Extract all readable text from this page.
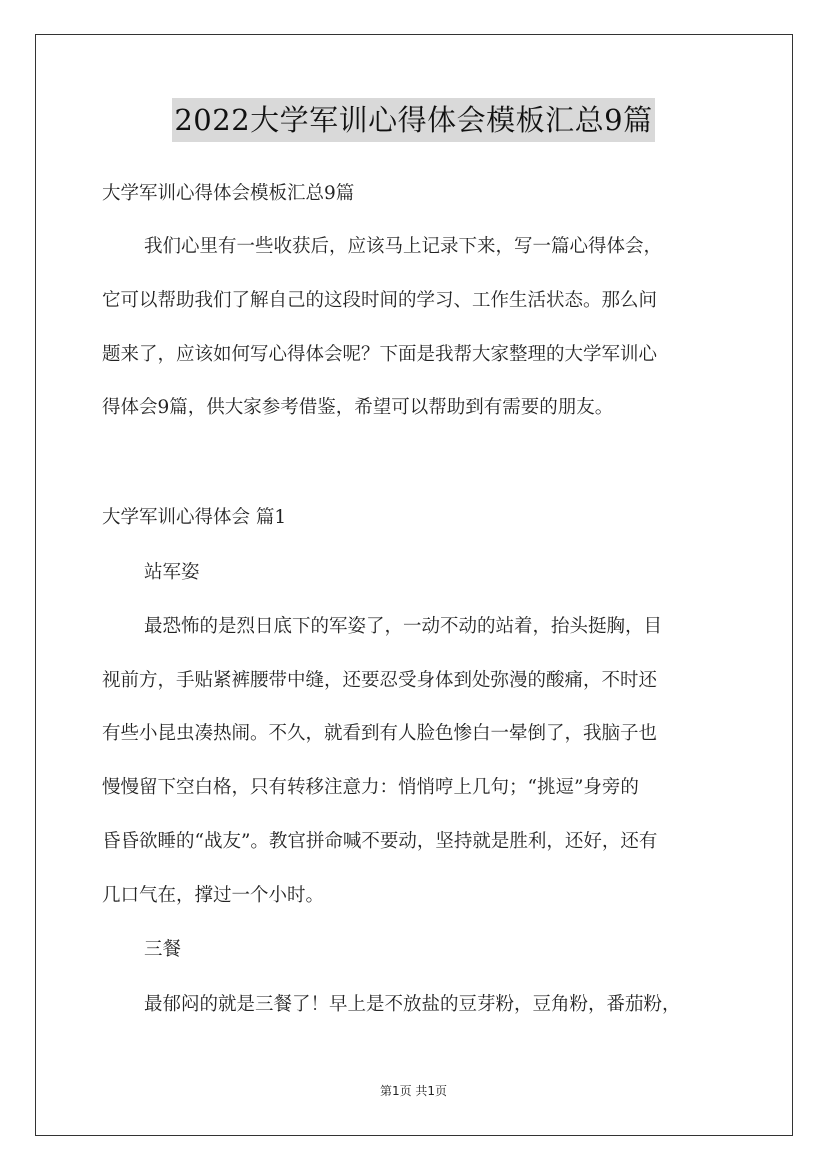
2022大学军训心得体会模板汇总9篇
大学军训心得体会模板汇总9篇
我们心里有一些收获后，应该马上记录下来，写一篇心得体会，
它可以帮助我们了解自己的这段时间的学习、工作生活状态。那么问
题来了，应该如何写心得体会呢？下面是我帮大家整理的大学军训心
得体会9篇，供大家参考借鉴，希望可以帮助到有需要的朋友。
大学军训心得体会 篇1
站军姿
最恐怖的是烈日底下的军姿了，一动不动的站着，抬头挺胸，目
视前方，手贴紧裤腰带中缝，还要忍受身体到处弥漫的酸痛，不时还
有些小昆虫凑热闹。不久，就看到有人脸色惨白一晕倒了，我脑子也
慢慢留下空白格，只有转移注意力：悄悄哼上几句；“挑逗”身旁的
昏昏欲睡的“战友”。教官拼命喊不要动，坚持就是胜利，还好，还有
几口气在，撑过一个小时。
三餐
最郁闷的就是三餐了！早上是不放盐的豆芽粉，豆角粉，番茄粉，
第1页 共1页
